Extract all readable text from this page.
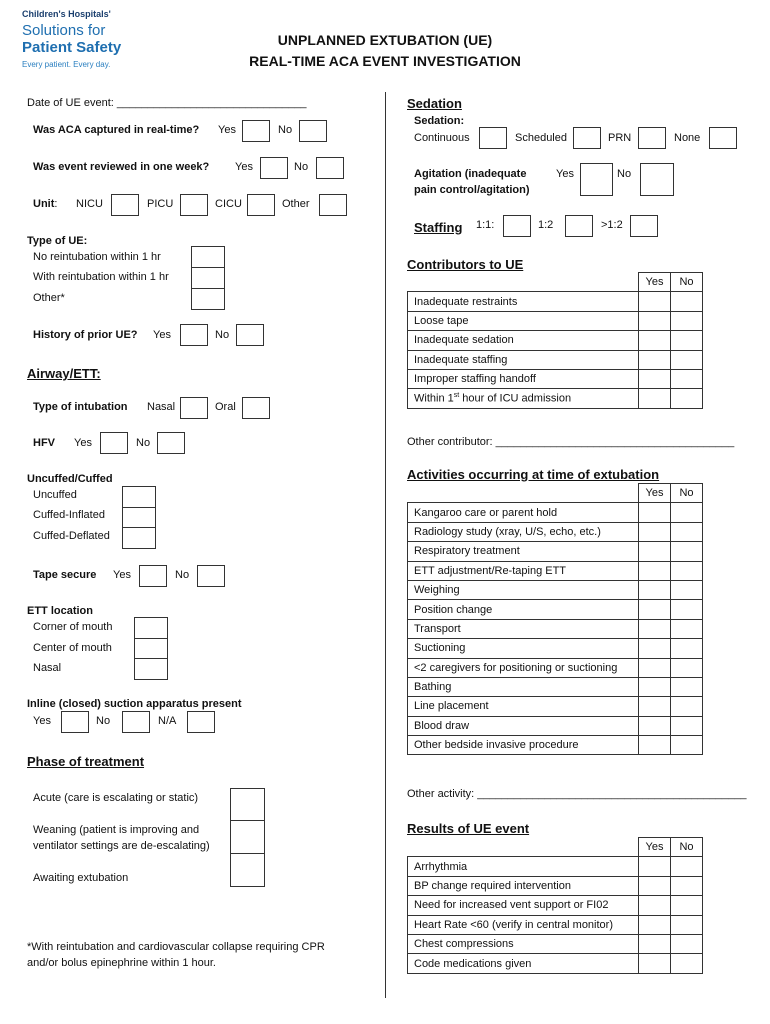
Children's Hospitals'
Solutions for
Patient Safety
Every patient. Every day.
UNPLANNED EXTUBATION (UE)
REAL-TIME ACA EVENT INVESTIGATION
Date of UE event: _______________________________
Was ACA captured in real-time? Yes	No
Was event reviewed in one week? Yes	No
Unit: NICU	PICU	CICU	Other
Type of UE:
No reintubation within 1 hr
With reintubation within 1 hr
Other*
History of prior UE? Yes	No
Airway/ETT:
Type of intubation Nasal	Oral
HFV Yes	No
Uncuffed/Cuffed
Uncuffed
Cuffed-Inflated
Cuffed-Deflated
Tape secure Yes	No
ETT location
Corner of mouth
Center of mouth
Nasal
Inline (closed) suction apparatus present
Yes	No	N/A
Phase of treatment
Acute (care is escalating or static)
Weaning (patient is improving and
ventilator settings are de-escalating)
Awaiting extubation
*With reintubation and cardiovascular collapse requiring CPR
and/or bolus epinephrine within 1 hour.
Sedation
Sedation:
Continuous	Scheduled	PRN	None
Agitation (inadequate
pain control/agitation)
Yes	No
Staffing 1:1:	1:2	>1:2
Contributors to UE
	Yes	No
Inadequate restraints		
Loose tape		
Inadequate sedation		
Inadequate staffing		
Improper staffing handoff		
Within 1st hour of ICU admission		
Other contributor: _______________________________________
Activities occurring at time of extubation
	Yes	No
Kangaroo care or parent hold		
Radiology study (xray, U/S, echo, etc.)		
Respiratory treatment		
ETT adjustment/Re-taping ETT		
Weighing		
Position change		
Transport		
Suctioning		
<2 caregivers for positioning or suctioning		
Bathing		
Line placement		
Blood draw		
Other bedside invasive procedure		
Other activity: ____________________________________________
Results of UE event
	Yes	No
Arrhythmia		
BP change required intervention		
Need for increased vent support or FI02		
Heart Rate <60 (verify in central monitor)		
Chest compressions		
Code medications given		
